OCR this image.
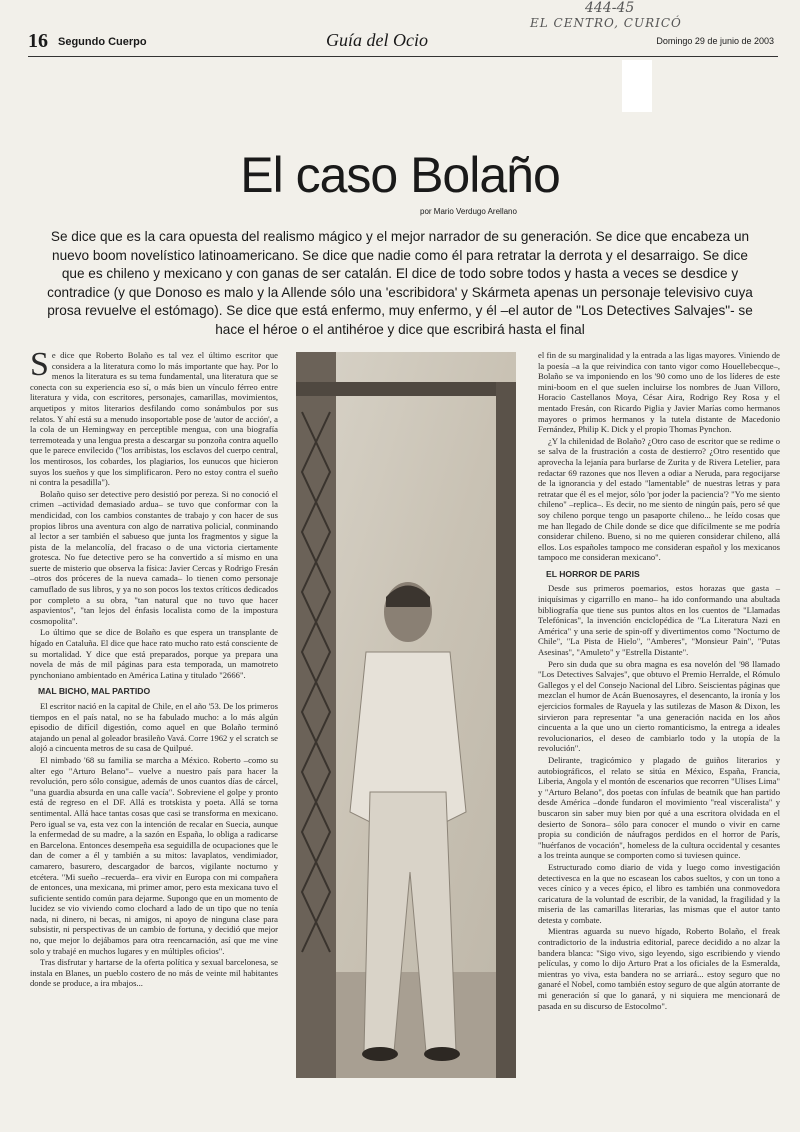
444-45
EL CENTRO, CURICÓ
16 Segundo Cuerpo	Guía del Ocio	Domingo 29 de junio de 2003
El caso Bolaño
por Mario Verdugo Arellano
Se dice que es la cara opuesta del realismo mágico y el mejor narrador de su generación. Se dice que encabeza un nuevo boom novelístico latinoamericano. Se dice que nadie como él para retratar la derrota y el desarraigo. Se dice que es chileno y mexicano y con ganas de ser catalán. El dice de todo sobre todos y hasta a veces se desdice y contradice (y que Donoso es malo y la Allende sólo una 'escribidora' y Skármeta apenas un personaje televisivo cuya prosa revuelve el estómago). Se dice que está enfermo, muy enfermo, y él –el autor de "Los Detectives Salvajes"- se hace el héroe o el antihéroe y dice que escribirá hasta el final

Se dice que Roberto Bolaño es tal vez el último escritor que considera a la literatura como lo más importante que hay. Por lo menos la literatura es su tema fundamental, una literatura que se conecta con su experiencia eso sí, o más bien un vínculo férreo entre literatura y vida, con escritores, personajes, camarillas, movimientos, arquetipos y mitos literarios desfilando como sonámbulos por sus relatos. Y ahí está su a menudo insoportable pose de 'autor de acción', a la cola de un Hemingway en perceptible mengua, con una biografía terremoteada y una lengua presta a descargar su ponzoña contra aquello que le parece envilecido ("los arribistas, los esclavos del cuerpo central, los mentirosos, los cobardes, los plagiarios, los eunucos que hicieron suyos los sueños y que los simplificaron. Pero no estoy contra el sueño ni contra la pesadilla").

Bolaño quiso ser detective pero desistió por pereza. Si no conoció el crimen –actividad demasiado ardua– se tuvo que conformar con la mendicidad, con los cambios constantes de trabajo y con hacer de sus propios libros una aventura con algo de narrativa policial, conminando al lector a ser también el sabueso que junta los fragmentos y sigue la pista de la melancolía, del fracaso o de una victoria ciertamente grotesca. No fue detective pero se ha convertido a sí mismo en una suerte de misterio que observa la física: Javier Cercas y Rodrigo Fresán –otros dos próceres de la nueva camada– lo tienen como personaje camuflado de sus libros, y ya no son pocos los textos críticos dedicados por completo a su obra, "tan natural que no tuvo que hacer aspavientos", "tan lejos del énfasis localista como de la impostura cosmopolita".

Lo último que se dice de Bolaño es que espera un transplante de hígado en Cataluña. El dice que hace rato mucho rato está consciente de su mortalidad. Y dice que está preparados, porque ya prepara una novela de más de mil páginas para esta temporada, un mamotreto pynchoniano ambientado en América Latina y titulado "2666".

MAL BICHO, MAL PARTIDO

El escritor nació en la capital de Chile, en el año '53. De los primeros tiempos en el país natal, no se ha fabulado mucho: a lo más algún episodio de difícil digestión, como aquel en que Bolaño terminó atajando un penal al goleador brasileño Vavá. Corre 1962 y el scratch se alojó a cincuenta metros de su casa de Quilpué.

El nimbado '68 su familia se marcha a México. Roberto –como su alter ego "Arturo Belano"– vuelve a nuestro país para hacer la revolución, pero sólo consigue, además de unos cuantos días de cárcel, "una guardia absurda en una calle vacía". Sobreviene el golpe y pronto está de regreso en el DF. Allá es trotskista y poeta. Allá se torna sentimental. Allá hace tantas cosas que casi se transforma en mexicano. Pero igual se va, esta vez con la intención de recalar en Suecia, aunque la enfermedad de su madre, a la sazón en España, lo obliga a radicarse en Barcelona. Entonces desempeña esa seguidilla de ocupaciones que le dan de comer a él y también a su mitos: lavaplatos, vendimiador, camarero, basurero, descargador de barcos, vigilante nocturno y etcétera. "Mi sueño –recuerda– era vivir en Europa con mi compañera de entonces, una mexicana, mi primer amor, pero esta mexicana tuvo el suficiente sentido común para dejarme. Supongo que en un momento de lucidez se vio viviendo como clochard a lado de un tipo que no tenía nada, ni dinero, ni becas, ni amigos, ni apoyo de ninguna clase para subsistir, ni perspectivas de un cambio de fortuna, y decidió que mejor no, que mejor lo dejábamos para otra reencarnación, así que me vine solo y trabajé en muchos lugares y en múltiples oficios".

Tras disfrutar y hartarse de la oferta política y sexual barcelonesa, se instala en Blanes, un pueblo costero de no más de veinte mil habitantes donde se produce, a ira mbajos...

el fin de su marginalidad y la entrada a las ligas mayores. Viniendo de la poesía –a la que reivindica con tanto vigor como Houellebecque–, Bolaño se va imponiendo en los '90 como uno de los líderes de este mini-boom en el que suelen incluirse los nombres de Juan Villoro, Horacio Castellanos Moya, César Aira, Rodrigo Rey Rosa y el mentado Fresán, con Ricardo Piglia y Javier Marías como hermanos mayores o primos hermanos y la tutela distante de Macedonio Fernández, Philip K. Dick y el propio Thomas Pynchon.

¿Y la chilenidad de Bolaño? ¿Otro caso de escritor que se redime o se salva de la frustración a costa de destierro? ¿Otro resentido que aprovecha la lejanía para burlarse de Zurita y de Rivera Letelier, para redactar 69 razones que nos lleven a odiar a Neruda, para regocijarse de la ignorancia y del estado "lamentable" de nuestras letras y para retratar que él es el mejor, sólo 'por joder la paciencia'? "Yo me siento chileno" –replica–. Es decir, no me siento de ningún país, pero sé que soy chileno porque tengo un pasaporte chileno... he leído cosas que me han llegado de Chile donde se dice que difícilmente se me podría considerar chileno. Bueno, si no me quieren considerar chileno, allá ellos. Los españoles tampoco me consideran español y los mexicanos tampoco me consideran mexicano".

EL HORROR DE PARIS

Desde sus primeros poemarios, estos horazas que gasta –iniquísimas y cigarrillo en mano– ha ido conformando una abultada bibliografía que tiene sus puntos altos en los cuentos de "Llamadas Telefónicas", la invención enciclopédica de "La Literatura Nazi en América" y una serie de spin-off y divertimentos como "Nocturno de Chile", "La Pista de Hielo", "Amberes", "Monsieur Pain", "Putas Asesinas", "Amuleto" y "Estrella Distante".

Pero sin duda que su obra magna es esa novelón del '98 llamado "Los Detectives Salvajes", que obtuvo el Premio Herralde, el Rómulo Gallegos y el del Consejo Nacional del Libro. Seiscientas páginas que mezclan el humor de Acán Buenosayres, el desencanto, la ironía y los ejercicios formales de Rayuela y las sutilezas de Mason & Dixon, les sirvieron para representar "a una generación nacida en los años cincuenta a la que uno un cierto romanticismo, la entrega a ideales revolucionarios, el deseo de cambiarlo todo y la utopía de la revolución".

Delirante, tragicómico y plagado de guiños literarios y autobiográficos, el relato se sitúa en México, España, Francia, Liberia, Angola y el montón de escenarios que recorren "Ulises Lima" y "Arturo Belano", dos poetas con ínfulas de beatnik que han partido desde América –donde fundaron el movimiento "real visceralista" y buscaron sin saber muy bien por qué a una escritora olvidada en el desierto de Sonora– sólo para conocer el mundo o vivir en carne propia su condición de náufragos perdidos en el horror de París, "huérfanos de vocación", homeless de la cultura occidental y cesantes a los treinta aunque se comporten como si tuviesen quince.

Estructurado como diario de vida y luego como investigación detectivesca en la que no escasean los cabos sueltos, y con un tono a veces cínico y a veces épico, el libro es también una conmovedora caricatura de la voluntad de escribir, de la vanidad, la fragilidad y la miseria de las camarillas literarias, las mismas que el autor tanto detesta y combate.

Mientras aguarda su nuevo hígado, Roberto Bolaño, el freak contradictorio de la industria editorial, parece decidido a no alzar la bandera blanca: "Sigo vivo, sigo leyendo, sigo escribiendo y viendo películas, y como lo dijo Arturo Prat a los oficiales de la Esmeralda, mientras yo viva, esta bandera no se arriará... estoy seguro que no ganaré el Nobel, como también estoy seguro de que algún atorrante de mi generación sí que lo ganará, y ni siquiera me mencionará de pasada en su discurso de Estocolmo".
